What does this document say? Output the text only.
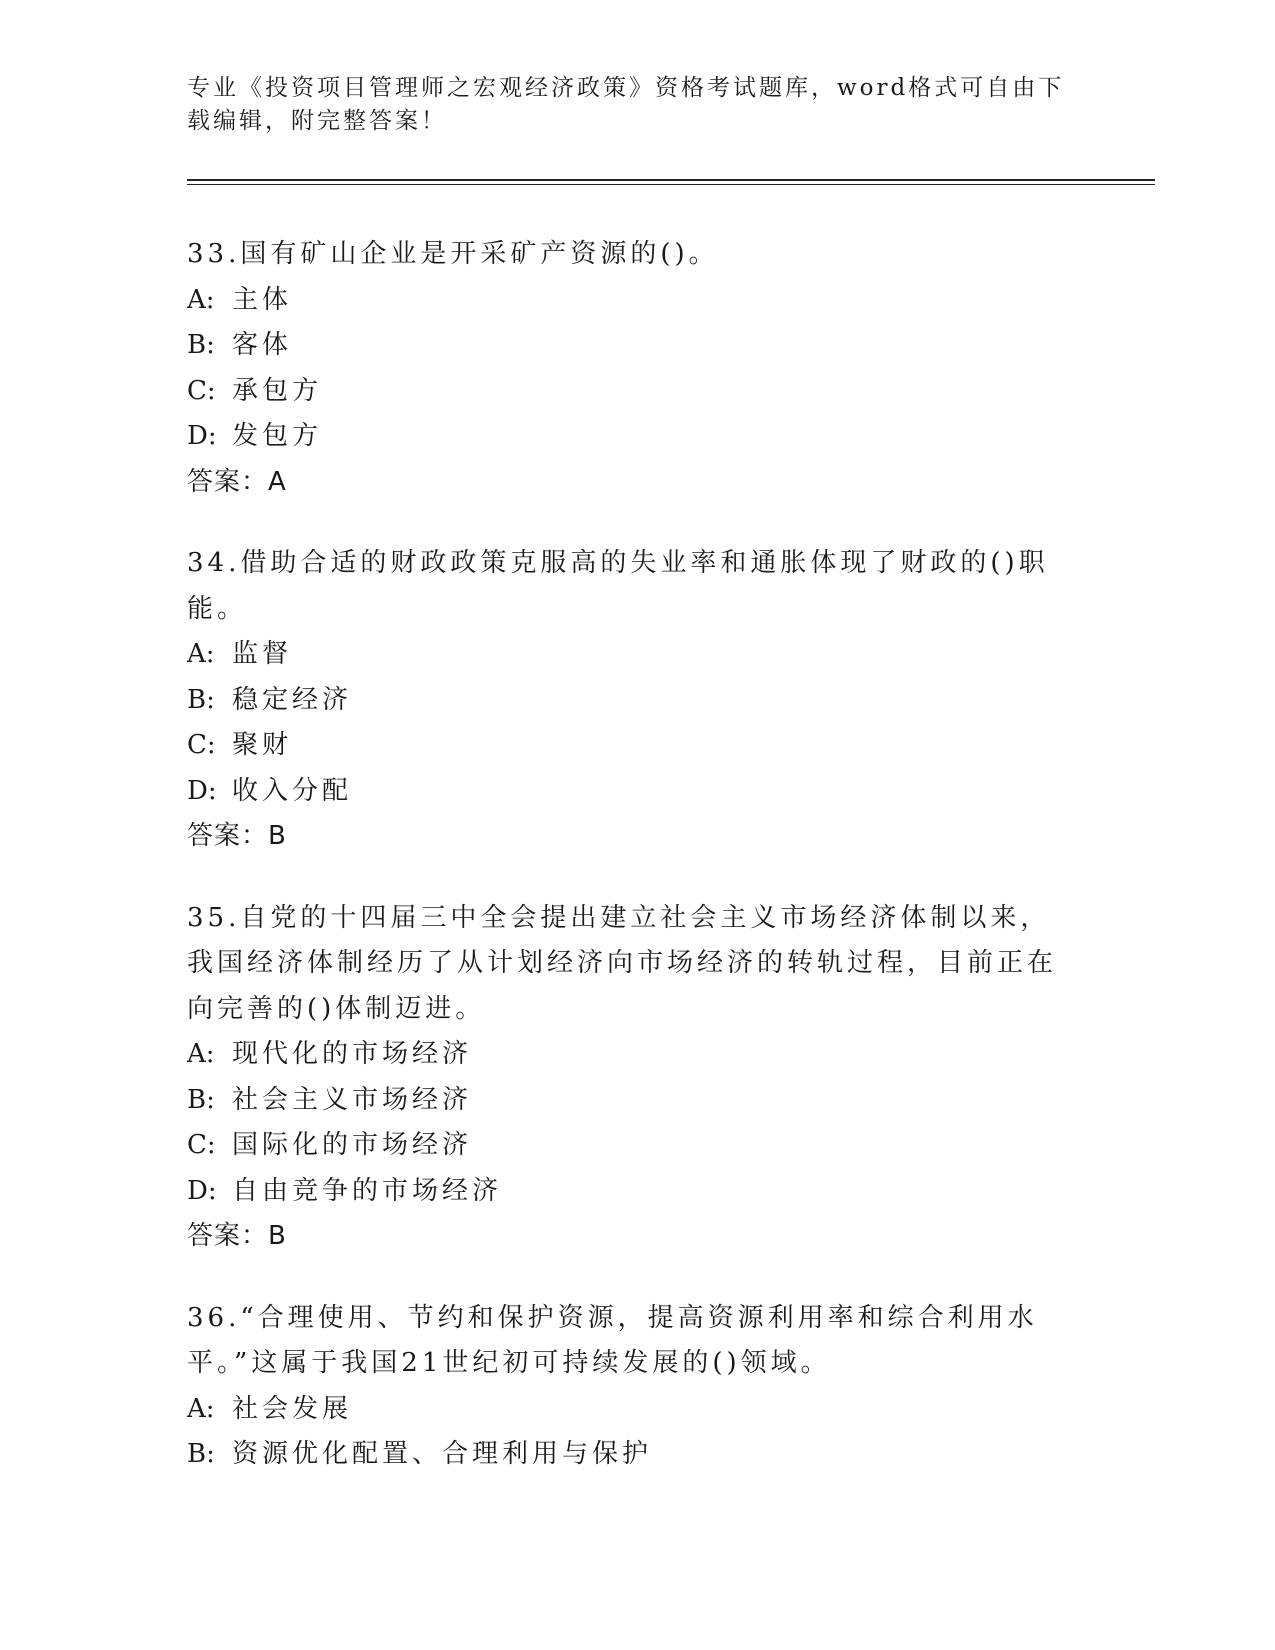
专业《投资项目管理师之宏观经济政策》资格考试题库，word格式可自由下载编辑，附完整答案！
33.国有矿山企业是开采矿产资源的()。
A: 主体
B: 客体
C: 承包方
D: 发包方
答案：A
34.借助合适的财政政策克服高的失业率和通胀体现了财政的()职能。
A: 监督
B: 稳定经济
C: 聚财
D: 收入分配
答案：B
35.自党的十四届三中全会提出建立社会主义市场经济体制以来，我国经济体制经历了从计划经济向市场经济的转轨过程，目前正在向完善的()体制迈进。
A: 现代化的市场经济
B: 社会主义市场经济
C: 国际化的市场经济
D: 自由竞争的市场经济
答案：B
36.“合理使用、节约和保护资源，提高资源利用率和综合利用水平。”这属于我国21世纪初可持续发展的()领域。
A: 社会发展
B: 资源优化配置、合理利用与保护
